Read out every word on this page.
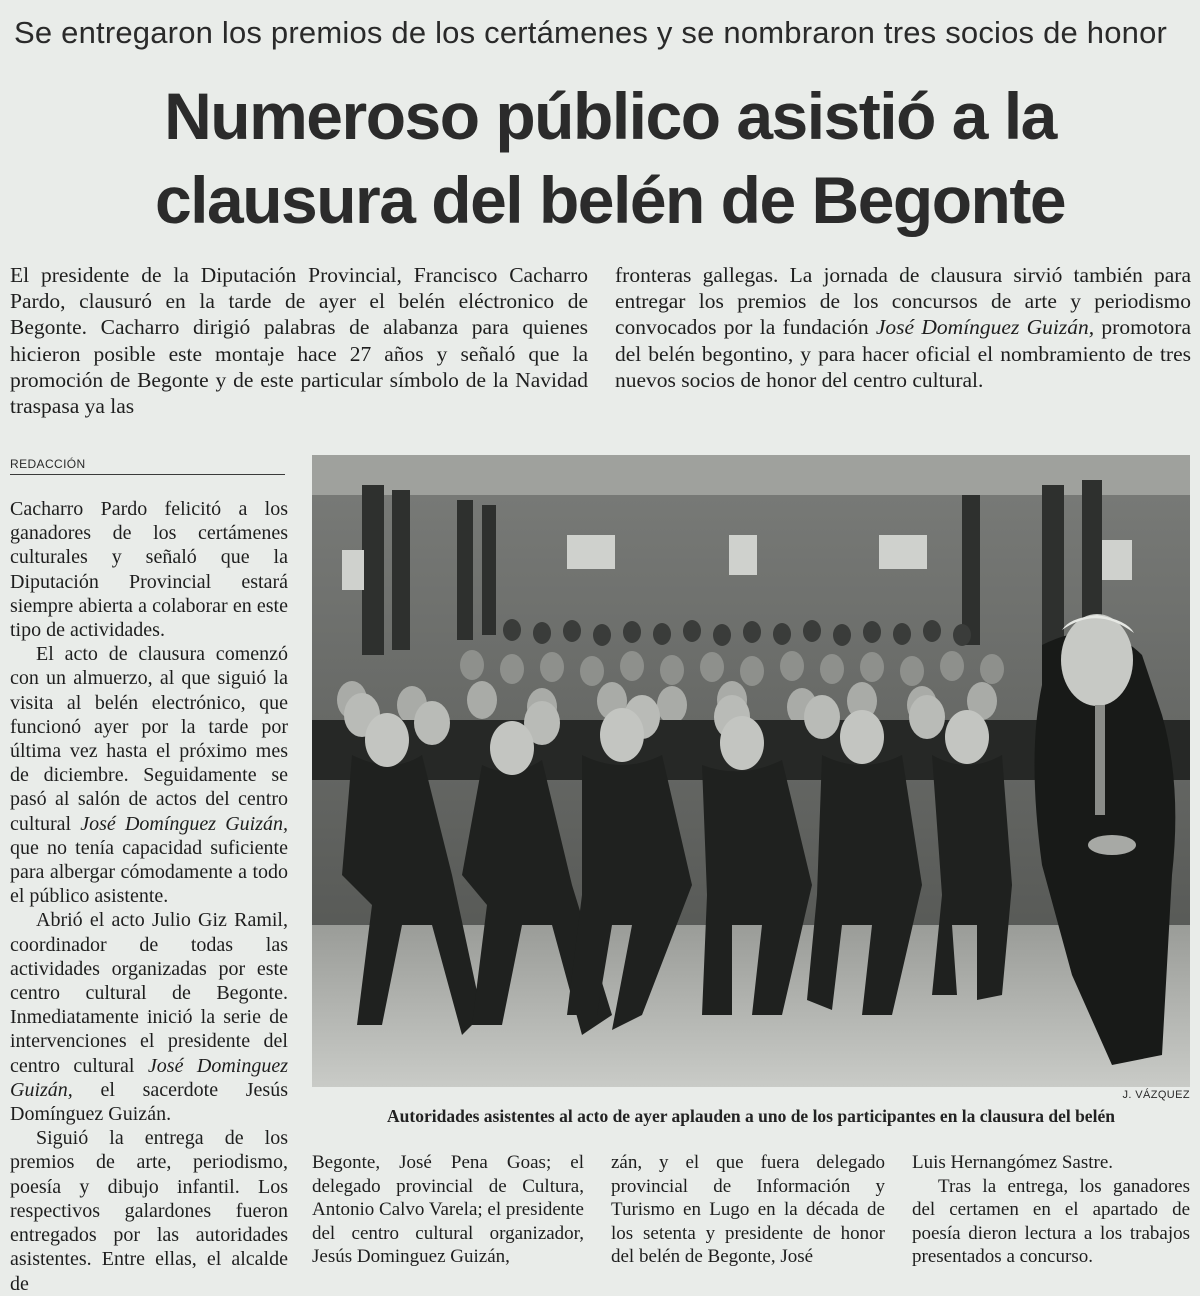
Se entregaron los premios de los certámenes y se nombraron tres socios de honor
Numeroso público asistió a la
clausura del belén de Begonte
El presidente de la Diputación Provincial, Francisco Cacharro Pardo, clausuró en la tarde de ayer el belén eléctronico de Begonte. Cacharro dirigió palabras de alabanza para quienes hicieron posible este montaje hace 27 años y señaló que la promoción de Begonte y de este particular símbolo de la Navidad traspasa ya las
fronteras gallegas. La jornada de clausura sirvió también para entregar los premios de los concursos de arte y periodismo convocados por la fundación José Domínguez Guizán, promotora del belén begontino, y para hacer oficial el nombramiento de tres nuevos socios de honor del centro cultural.
REDACCIÓN

Cacharro Pardo felicitó a los ganadores de los certámenes culturales y señaló que la Diputación Provincial estará siempre abierta a colaborar en este tipo de actividades.

El acto de clausura comenzó con un almuerzo, al que siguió la visita al belén electrónico, que funcionó ayer por la tarde por última vez hasta el próximo mes de diciembre. Seguidamente se pasó al salón de actos del centro cultural José Domínguez Guizán, que no tenía capacidad suficiente para albergar cómodamente a todo el público asistente.

Abrió el acto Julio Giz Ramil, coordinador de todas las actividades organizadas por este centro cultural de Begonte. Inmediatamente inició la serie de intervenciones el presidente del centro cultural José Dominguez Guizán, el sacerdote Jesús Domínguez Guizán.

Siguió la entrega de los premios de arte, periodismo, poesía y dibujo infantil. Los respectivos galardones fueron entregados por las autoridades asistentes. Entre ellas, el alcalde de

J. VÁZQUEZ
Autoridades asistentes al acto de ayer aplauden a uno de los participantes en la clausura del belén

Begonte, José Pena Goas; el delegado provincial de Cultura, Antonio Calvo Varela; el presidente del centro cultural organizador, Jesús Dominguez Guizán,

zán, y el que fuera delegado provincial de Información y Turismo en Lugo en la década de los setenta y presidente de honor del belén de Begonte, José

Luis Hernangómez Sastre.

Tras la entrega, los ganadores del certamen en el apartado de poesía dieron lectura a los trabajos presentados a concurso.
